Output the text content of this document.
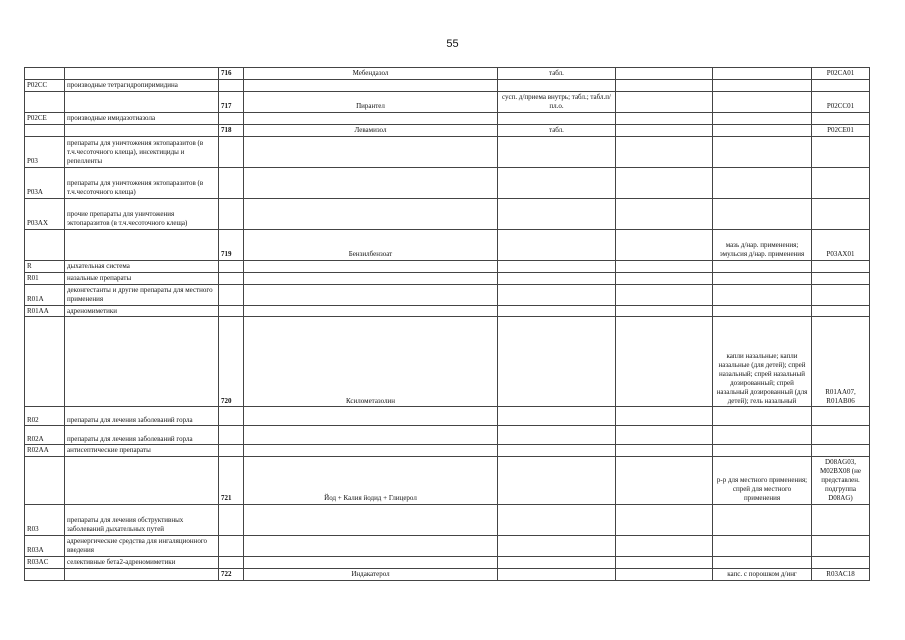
55
		716	Мебендазол	табл.			P02CA01
P02CC	производные тетрагидропиримидина						
		717	Пирантел	сусп. д/приема внутрь; табл.; табл.п/пл.о.			P02CC01
P02CE	производные имидазотиазола						
		718	Левамизол	табл.			P02CE01
P03	препараты для уничтожения эктопаразитов (в т.ч.чесоточного клеща), инсектициды и репелленты						
P03A	препараты для уничтожения эктопаразитов (в т.ч.чесоточного клеща)						
P03AX	прочие препараты для уничтожения эктопаразитов (в т.ч.чесоточного клеща)						
		719	Бензилбензоат			мазь д/нар. применения; эмульсия д/нар. применения	P03AX01
R	дыхательная система						
R01	назальные препараты						
R01A	деконгестанты и другие препараты для местного применения						
R01AA	адреномиметики						
		720	Ксилометазолин			капли назальные; капли назальные (для детей); спрей назальный; спрей назальный дозированный; спрей назальный дозированный (для детей); гель назальный	R01AA07, R01AB06
R02	препараты для лечения заболеваний горла						
R02A	препараты для лечения заболеваний горла						
R02AA	антисептические препараты						
		721	Йод + Калия йодид + Глицерол			р-р для местного применения; спрей для местного применения	D08AG03, M02BX08 (не представлен. подгруппа D08AG)
R03	препараты для лечения обструктивных заболеваний дыхательных путей						
R03A	адренергические средства для ингаляционного введения						
R03AC	селективные бета2-адреномиметики						
		722	Индакатерол			капс. с порошком д/инг	R03AC18
